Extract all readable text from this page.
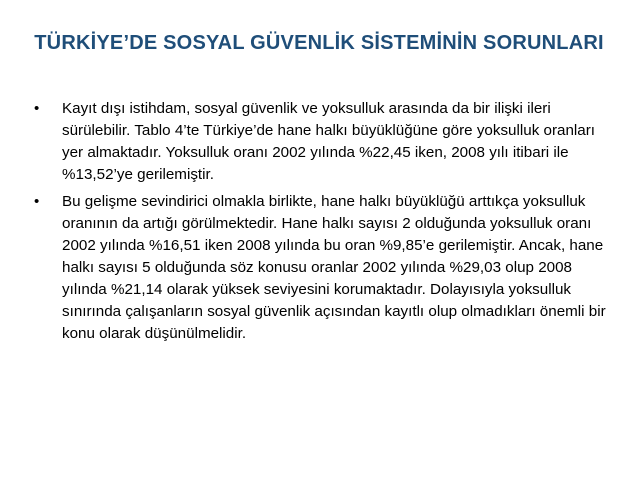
TÜRKİYE’DE SOSYAL GÜVENLİK SİSTEMİNİN SORUNLARI
• Kayıt dışı istihdam, sosyal güvenlik ve yoksulluk arasında da bir ilişki ileri sürülebilir. Tablo 4’te Türkiye’de hane halkı büyüklüğüne göre yoksulluk oranları yer almaktadır. Yoksulluk oranı 2002 yılında %22,45 iken, 2008 yılı itibari ile %13,52’ye gerilemiştir.
• Bu gelişme sevindirici olmakla birlikte, hane halkı büyüklüğü arttıkça yoksulluk oranının da artığı görülmektedir. Hane halkı sayısı 2 olduğunda yoksulluk oranı 2002 yılında %16,51 iken 2008 yılında bu oran %9,85’e gerilemiştir. Ancak, hane halkı sayısı 5 olduğunda söz konusu oranlar 2002 yılında %29,03 olup 2008 yılında %21,14 olarak yüksek seviyesini korumaktadır. Dolayısıyla yoksulluk sınırında çalışanların sosyal güvenlik açısından kayıtlı olup olmadıkları önemli bir konu olarak düşünülmelidir.
